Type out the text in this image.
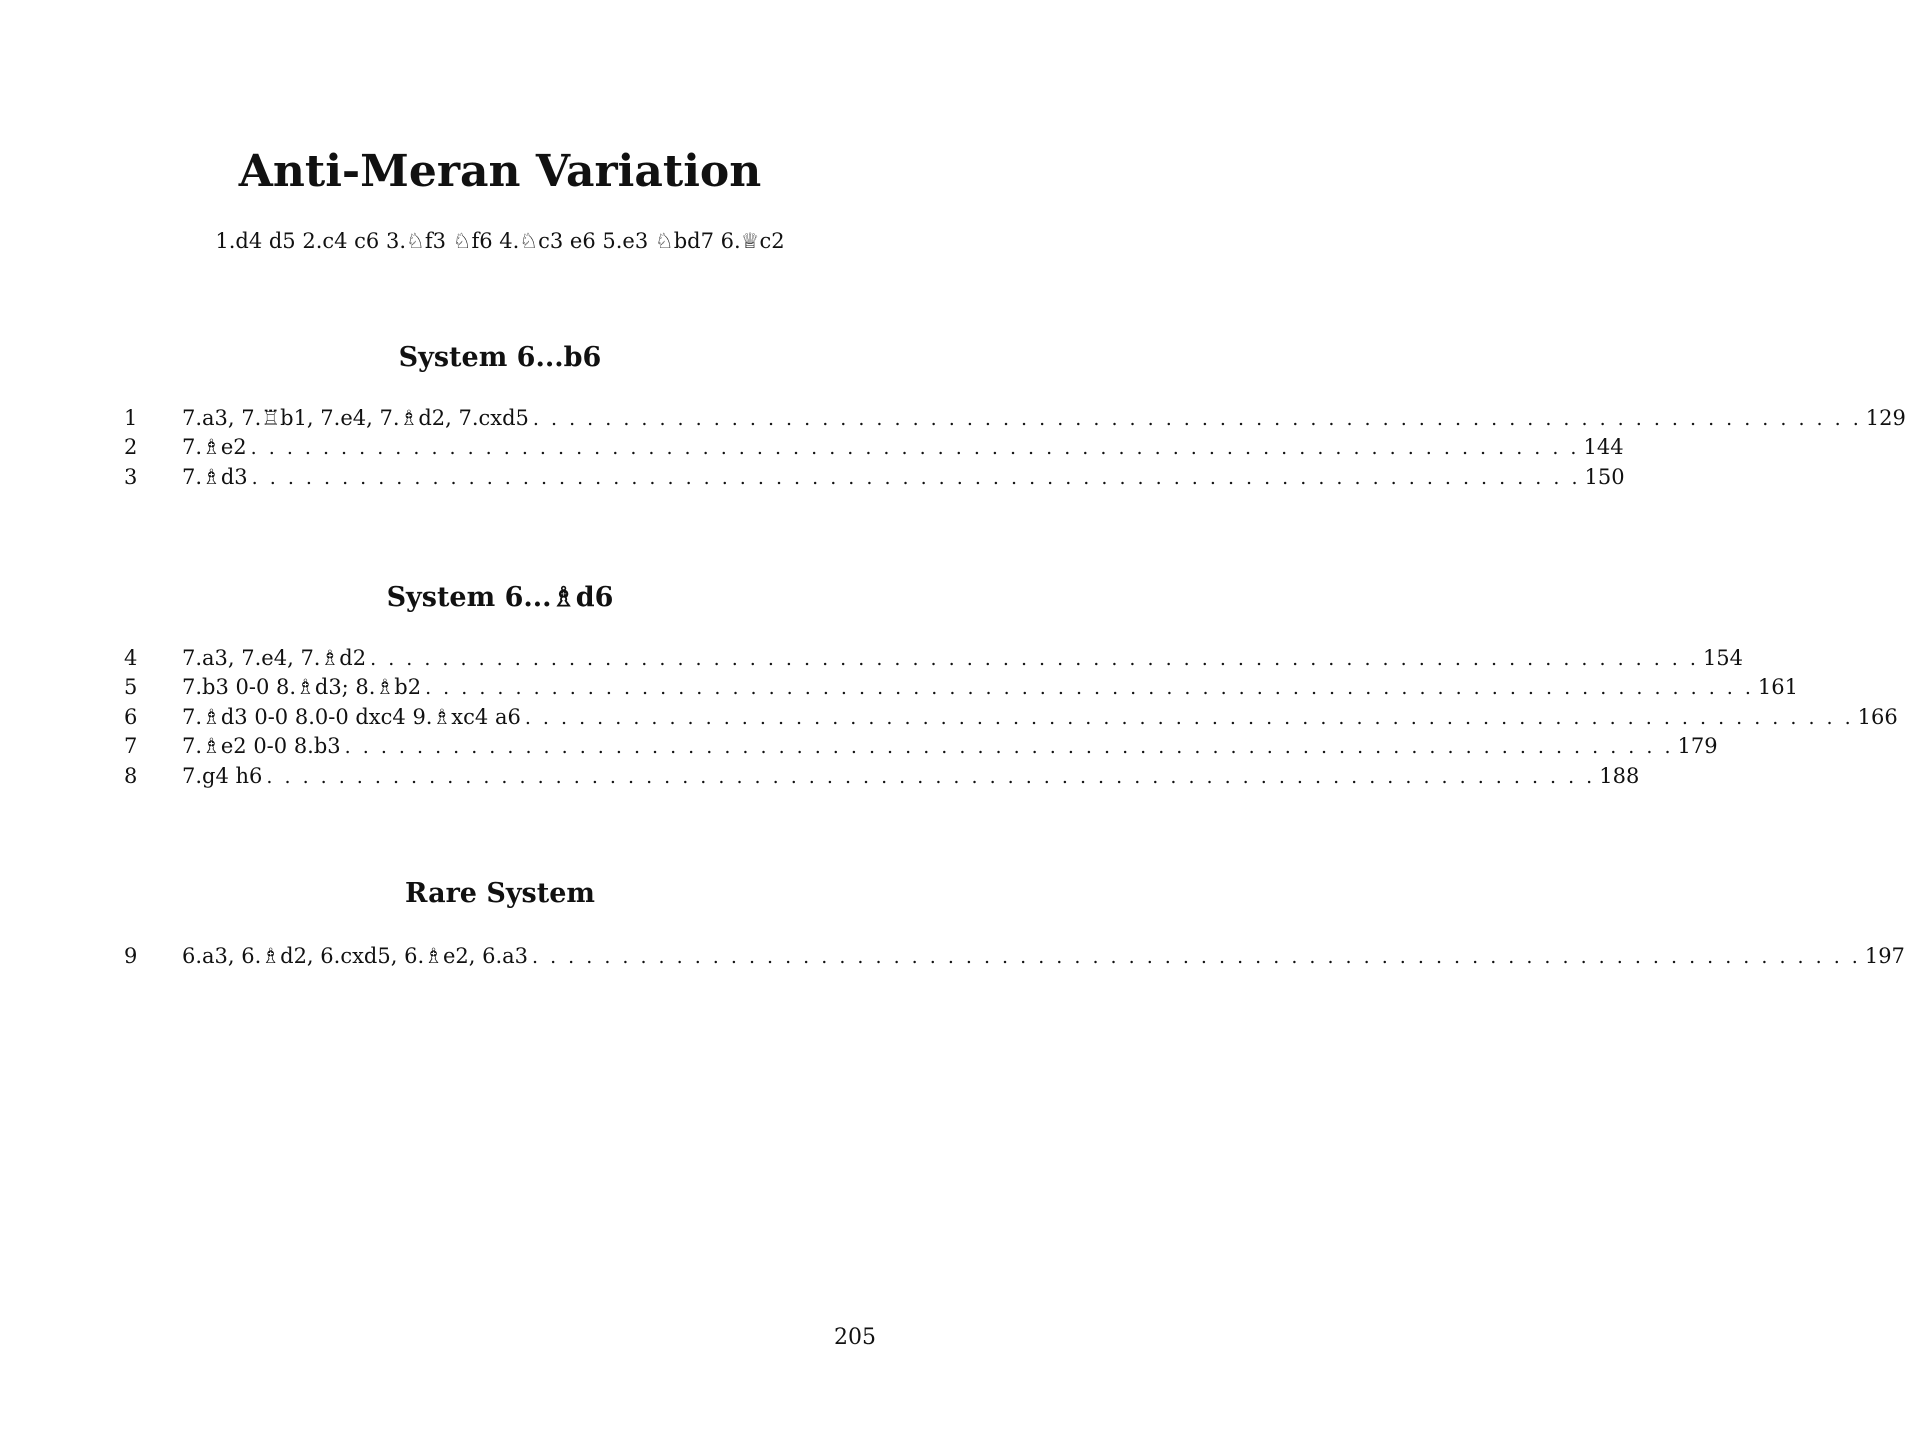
Anti-Meran Variation
1.d4 d5 2.c4 c6 3.♘f3 ♘f6 4.♘c3 e6 5.e3 ♘bd7 6.♕c2
System 6...b6
1	7.a3, 7.♖b1, 7.e4, 7.♗d2, 7.cxd5 . . . . . . . . . . . . . . . . . . . . . . . . . . . . . . . . . . . . . . . . . . . . . . . . . . . . . . . . . . . . . . . . . . . . . . . . . . 129
2	7.♗e2 . . . . . . . . . . . . . . . . . . . . . . . . . . . . . . . . . . . . . . . . . . . . . . . . . . . . . . . . . . . . . . . . . . . . . . . . . . 144
3	7.♗d3 . . . . . . . . . . . . . . . . . . . . . . . . . . . . . . . . . . . . . . . . . . . . . . . . . . . . . . . . . . . . . . . . . . . . . . . . . . 150
System 6...♗d6
4	7.a3, 7.e4, 7.♗d2 . . . . . . . . . . . . . . . . . . . . . . . . . . . . . . . . . . . . . . . . . . . . . . . . . . . . . . . . . . . . . . . . . . . . . . . . . . 154
5	7.b3 0-0 8.♗d3; 8.♗b2 . . . . . . . . . . . . . . . . . . . . . . . . . . . . . . . . . . . . . . . . . . . . . . . . . . . . . . . . . . . . . . . . . . . . . . . . . . 161
6	7.♗d3 0-0 8.0-0 dxc4 9.♗xc4 a6 . . . . . . . . . . . . . . . . . . . . . . . . . . . . . . . . . . . . . . . . . . . . . . . . . . . . . . . . . . . . . . . . . . . . . . . . . . 166
7	7.♗e2 0-0 8.b3 . . . . . . . . . . . . . . . . . . . . . . . . . . . . . . . . . . . . . . . . . . . . . . . . . . . . . . . . . . . . . . . . . . . . . . . . . . 179
8	7.g4 h6 . . . . . . . . . . . . . . . . . . . . . . . . . . . . . . . . . . . . . . . . . . . . . . . . . . . . . . . . . . . . . . . . . . . . . . . . . . 188
Rare System
9	6.a3, 6.♗d2, 6.cxd5, 6.♗e2, 6.a3 . . . . . . . . . . . . . . . . . . . . . . . . . . . . . . . . . . . . . . . . . . . . . . . . . . . . . . . . . . . . . . . . . . . . . . . . . . 197
205
